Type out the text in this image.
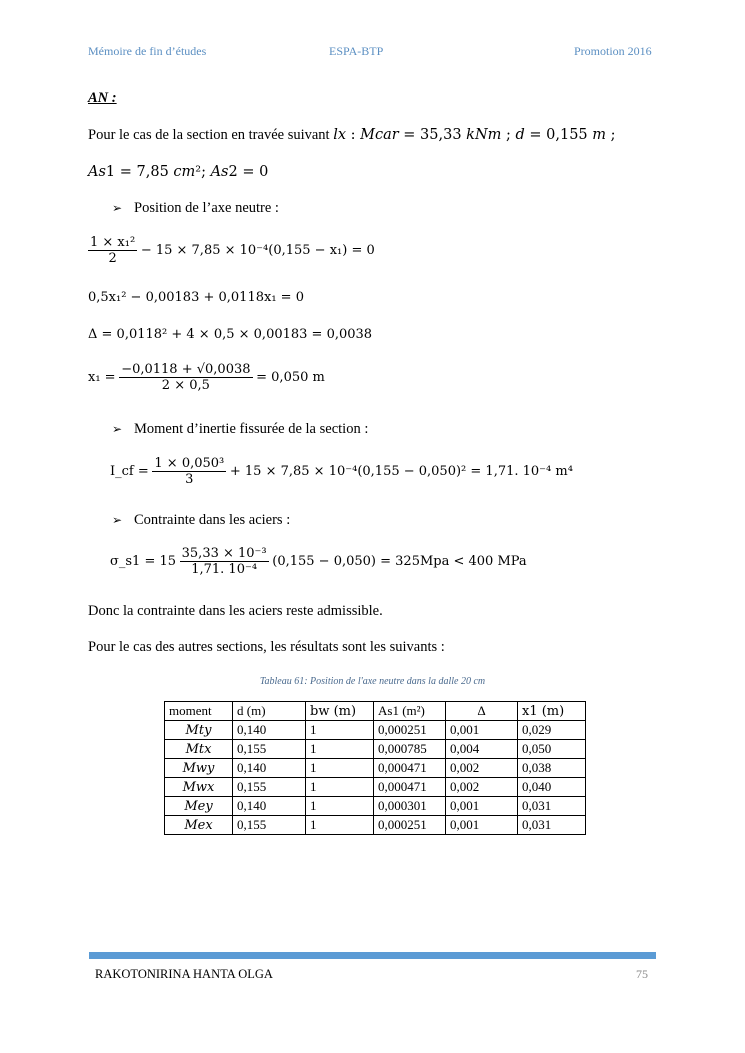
Mémoire de fin d’études	ESPA-BTP	Promotion 2016
AN :
Pour le cas de la section en travée suivant 𝑙𝑥 : 𝑀𝑐𝑎𝑟 = 35,33 𝑘𝑁𝑚 ; 𝑑 = 0,155 𝑚 ;
𝐴𝑠1 = 7,85 𝑐𝑚²; 𝐴𝑠2 = 0
➢ Position de l’axe neutre :
$\frac{\text{1 × x₁²}}{2} - 15 \times 7,85 \times 10^{-4}(0,155 - x_1) = 0$
0,5x₁² − 0,00183 + 0,0118x₁ = 0
Δ = 0,0118² + 4 × 0,5 × 0,00183 = 0,0038
$x_1 = \frac{-0,0118 + √0,0038}{2 \times 0,5} = 0,050$ m
➢ Moment d’inertie fissurée de la section :
I_cf = $\frac{\text{1 × 0,050³}}{3} + 15 \times 7,85 \times 10^{-4}(0,155 - 0,050)^2 = 1,71$. 10⁻⁴ m⁴
➢ Contrainte dans les aciers :
σ_s1 = $15 \frac{\text{35,33 × 10⁻³}}{\text{1,71. 10⁻⁴}} (0,155 - 0,050) = 325Mpa < 400$ MPa
Donc la contrainte dans les aciers reste admissible.
Pour le cas des autres sections, les résultats sont les suivants :
Tableau 61: Position de l'axe neutre dans la dalle 20 cm
moment	d (m)	bw (m)	As1 (m²)	Δ	x1 (m)
Mty	0,140	1	0,000251	0,001	0,029
Mtx	0,155	1	0,000785	0,004	0,050
Mwy	0,140	1	0,000471	0,002	0,038
Mwx	0,155	1	0,000471	0,002	0,040
Mey	0,140	1	0,000301	0,001	0,031
Mex	0,155	1	0,000251	0,001	0,031
RAKOTONIRINA HANTA OLGA	75
